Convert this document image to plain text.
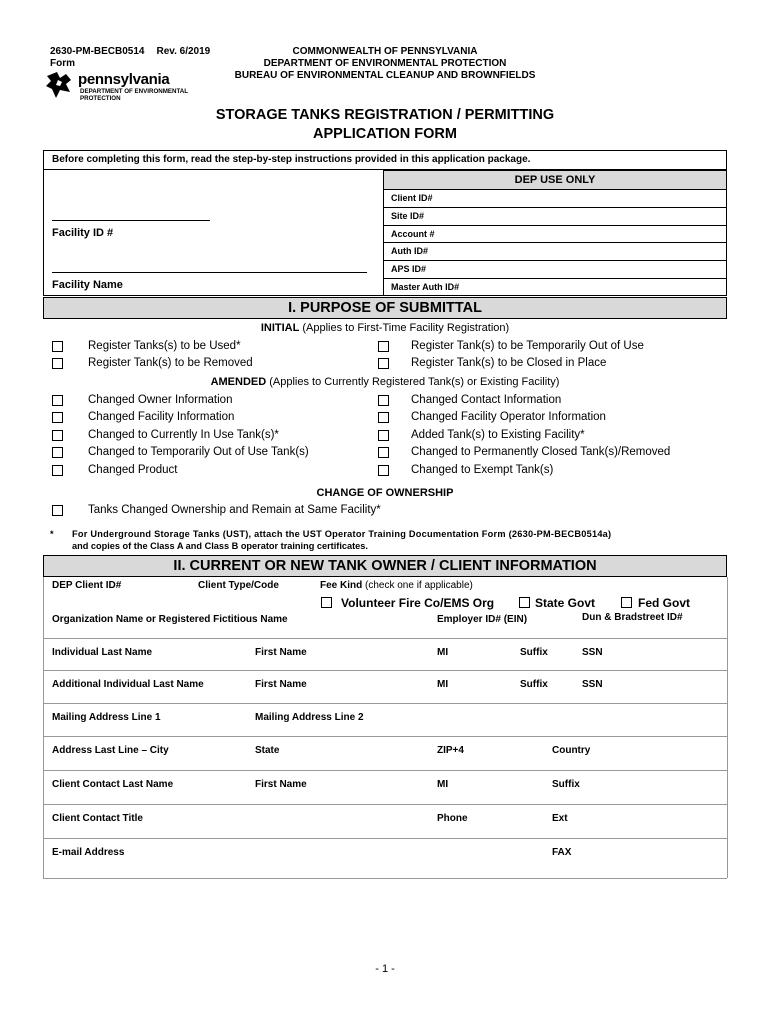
2630-PM-BECB0514 Rev. 6/2019
Form
pennsylvania
DEPARTMENT OF ENVIRONMENTAL
PROTECTION
COMMONWEALTH OF PENNSYLVANIA
DEPARTMENT OF ENVIRONMENTAL PROTECTION
BUREAU OF ENVIRONMENTAL CLEANUP AND BROWNFIELDS
STORAGE TANKS REGISTRATION / PERMITTING
APPLICATION FORM
Before completing this form, read the step-by-step instructions provided in this application package.
Facility ID #
Facility Name
DEP USE ONLY
Client ID#
Site ID#
Account #
Auth ID#
APS ID#
Master Auth ID#
I. PURPOSE OF SUBMITTAL
INITIAL (Applies to First-Time Facility Registration)
Register Tanks(s) to be Used*
Register Tank(s) to be Removed
Register Tank(s) to be Temporarily Out of Use
Register Tank(s) to be Closed in Place
AMENDED (Applies to Currently Registered Tank(s) or Existing Facility)
Changed Owner Information
Changed Facility Information
Changed to Currently In Use Tank(s)*
Changed to Temporarily Out of Use Tank(s)
Changed Product
Changed Contact Information
Changed Facility Operator Information
Added Tank(s) to Existing Facility*
Changed to Permanently Closed Tank(s)/Removed
Changed to Exempt Tank(s)
CHANGE OF OWNERSHIP
Tanks Changed Ownership and Remain at Same Facility*
* For Underground Storage Tanks (UST), attach the UST Operator Training Documentation Form (2630-PM-BECB0514a)
and copies of the Class A and Class B operator training certificates.
II. CURRENT OR NEW TANK OWNER / CLIENT INFORMATION
DEP Client ID#	Client Type/Code	Fee Kind (check one if applicable)
Volunteer Fire Co/EMS Org	State Govt	Fed Govt
Organization Name or Registered Fictitious Name	Employer ID# (EIN)	Dun & Bradstreet ID#
Individual Last Name	First Name	MI	Suffix	SSN
Additional Individual Last Name	First Name	MI	Suffix	SSN
Mailing Address Line 1	Mailing Address Line 2
Address Last Line – City	State	ZIP+4	Country
Client Contact Last Name	First Name	MI	Suffix
Client Contact Title	Phone	Ext
E-mail Address	FAX
- 1 -
